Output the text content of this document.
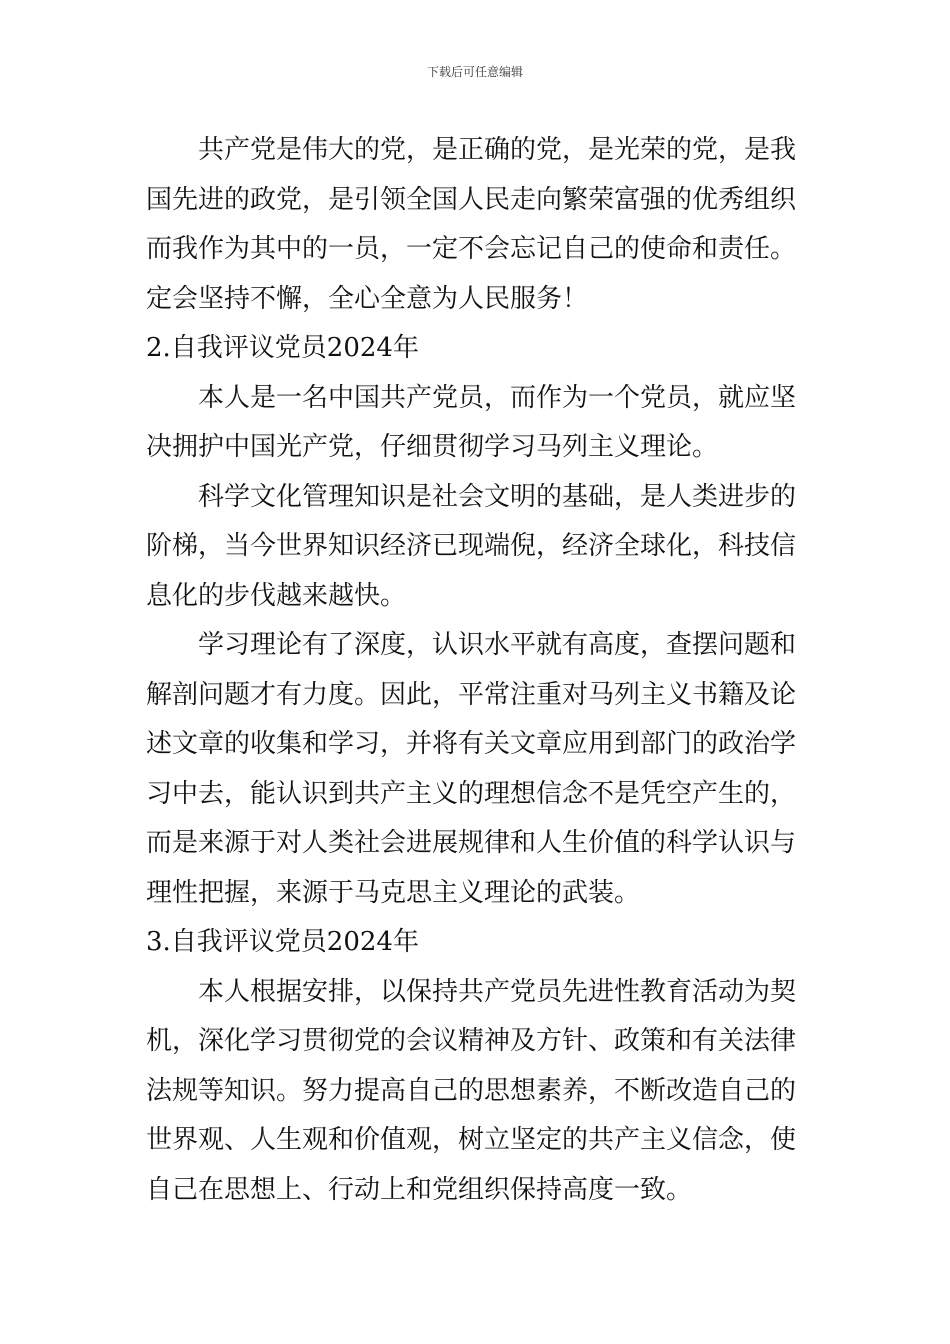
下载后可任意编辑
共产党是伟大的党，是正确的党，是光荣的党，是我
国先进的政党，是引领全国人民走向繁荣富强的优秀组织
而我作为其中的一员，一定不会忘记自己的使命和责任。
定会坚持不懈，全心全意为人民服务！
2.自我评议党员2024年
本人是一名中国共产党员，而作为一个党员，就应坚
决拥护中国光产党，仔细贯彻学习马列主义理论。
科学文化管理知识是社会文明的基础，是人类进步的
阶梯，当今世界知识经济已现端倪，经济全球化，科技信
息化的步伐越来越快。
学习理论有了深度，认识水平就有高度，查摆问题和
解剖问题才有力度。因此，平常注重对马列主义书籍及论
述文章的收集和学习，并将有关文章应用到部门的政治学
习中去，能认识到共产主义的理想信念不是凭空产生的，
而是来源于对人类社会进展规律和人生价值的科学认识与
理性把握，来源于马克思主义理论的武装。
3.自我评议党员2024年
本人根据安排，以保持共产党员先进性教育活动为契
机，深化学习贯彻党的会议精神及方针、政策和有关法律
法规等知识。努力提高自己的思想素养，不断改造自己的
世界观、人生观和价值观，树立坚定的共产主义信念，使
自己在思想上、行动上和党组织保持高度一致。
